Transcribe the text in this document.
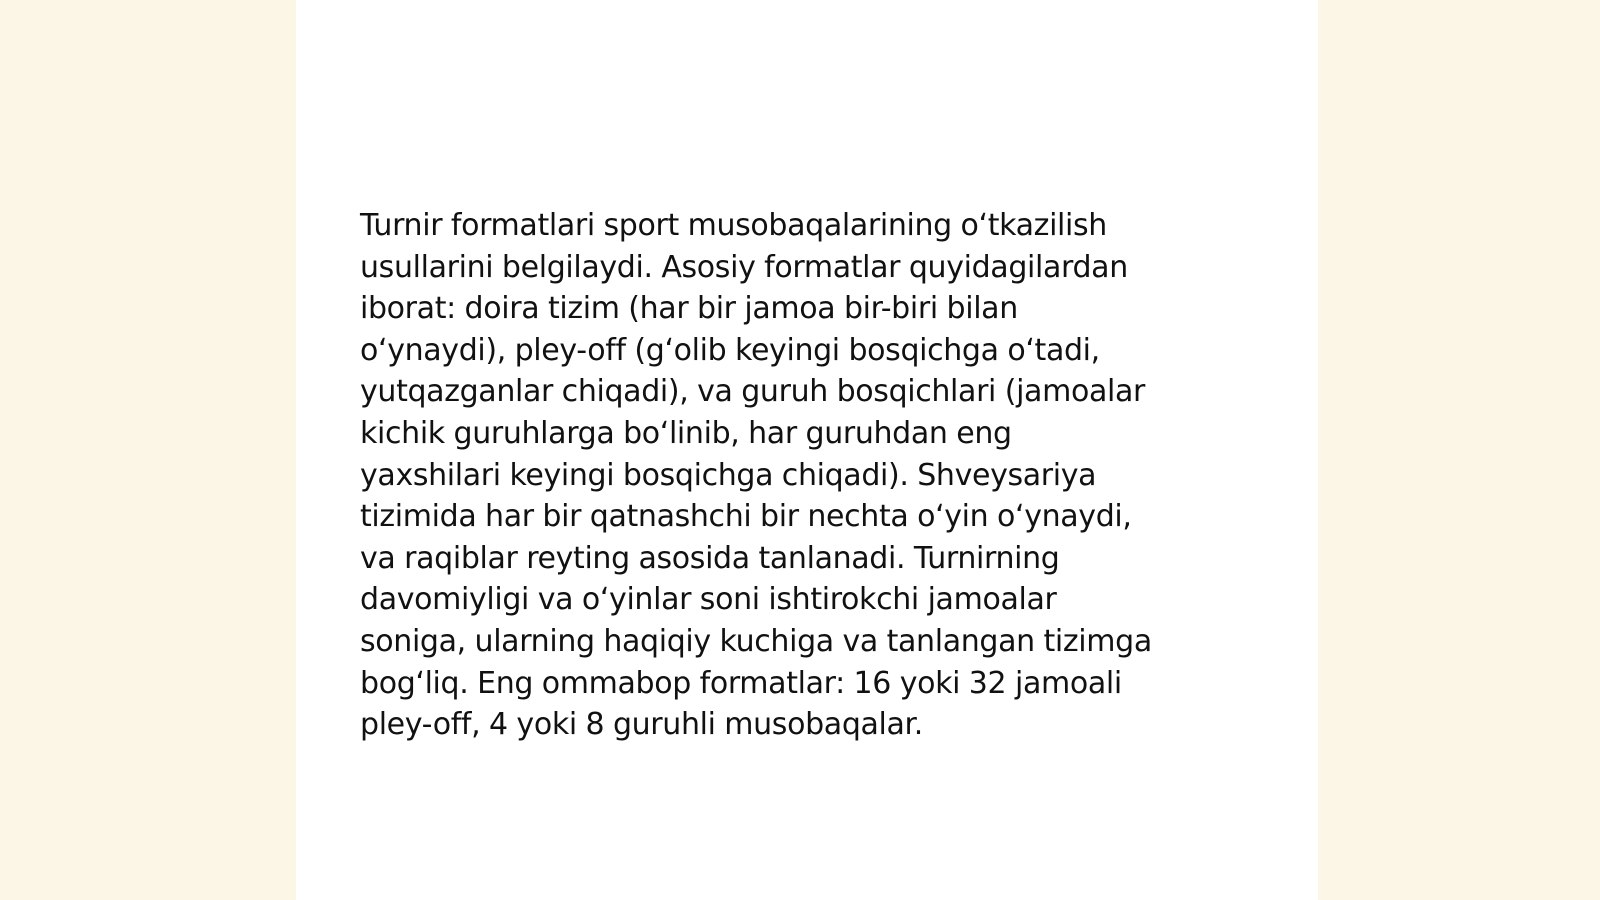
Turnir formatlari sport musobaqalarining oʻtkazilish
usullarini belgilaydi. Asosiy formatlar quyidagilardan
iborat: doira tizim (har bir jamoa bir-biri bilan
oʻynaydi), pley-off (gʻolib keyingi bosqichga oʻtadi,
yutqazganlar chiqadi), va guruh bosqichlari (jamoalar
kichik guruhlarga boʻlinib, har guruhdan eng
yaxshilari keyingi bosqichga chiqadi). Shveysariya
tizimida har bir qatnashchi bir nechta oʻyin oʻynaydi,
va raqiblar reyting asosida tanlanadi. Turnirning
davomiyligi va oʻyinlar soni ishtirokchi jamoalar
soniga, ularning haqiqiy kuchiga va tanlangan tizimga
bogʻliq. Eng ommabop formatlar: 16 yoki 32 jamoali
pley-off, 4 yoki 8 guruhli musobaqalar.
